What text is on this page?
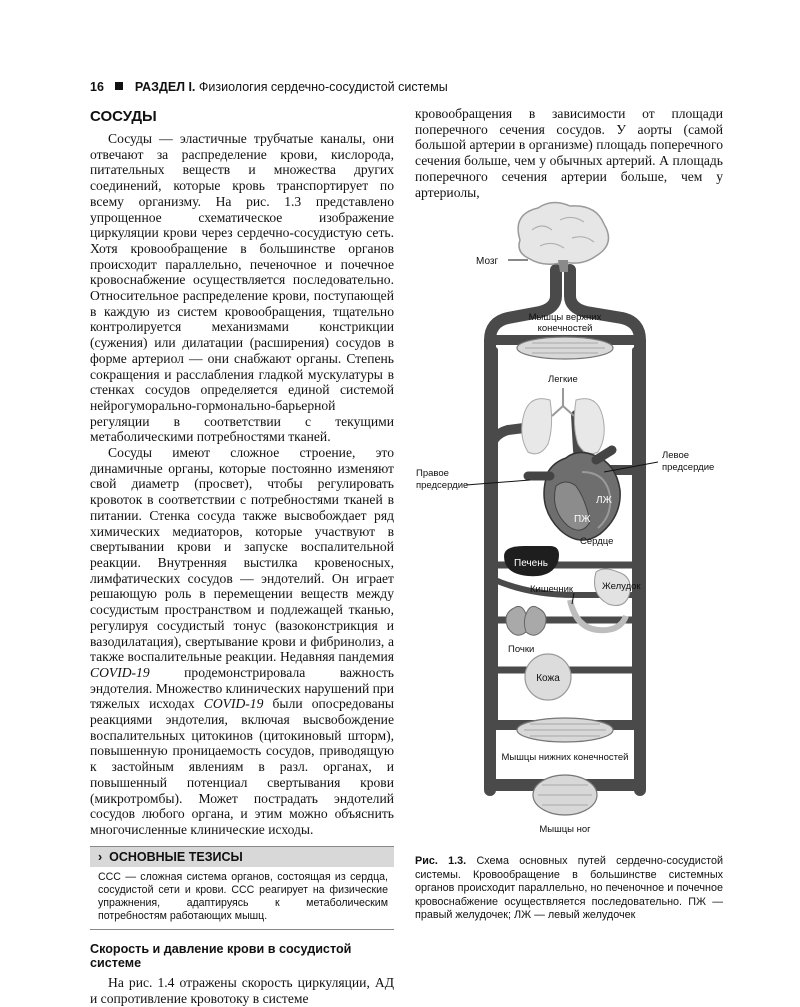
16 РАЗДЕЛ I. Физиология сердечно-сосудистой системы
СОСУДЫ

Сосуды — эластичные трубчатые каналы, они отвечают за распределение крови, кислорода, питательных веществ и множества других соединений, которые кровь транспортирует по всему организму. На рис. 1.3 представлено упрощенное схематическое изображение циркуляции крови через сердечно-сосудистую сеть. Хотя кровообращение в большинстве органов происходит параллельно, печеночное и почечное кровоснабжение осуществляется последовательно. Относительное распределение крови, поступающей в каждую из систем кровообращения, тщательно контролируется механизмами констрикции (сужения) или дилатации (расширения) сосудов в форме артериол — они снабжают органы. Степень сокращения и расслабления гладкой мускулатуры в стенках сосудов определяется единой системой нейрогуморально-гормонально-барьерной регуляции в соответствии с текущими метаболическими потребностями тканей.

Сосуды имеют сложное строение, это динамичные органы, которые постоянно изменяют свой диаметр (просвет), чтобы регулировать кровоток в соответствии с потребностями тканей в питании. Стенка сосуда также высвобождает ряд химических медиаторов, которые участвуют в свертывании крови и запуске воспалительной реакции. Внутренняя выстилка кровеносных, лимфатических сосудов — эндотелий. Он играет решающую роль в перемещении веществ между сосудистым пространством и подлежащей тканью, регулируя сосудистый тонус (вазоконстрикция и вазодилатация), свертывание крови и фибринолиз, а также воспалительные реакции. Недавняя пандемия COVID-19	продемонстрировала важность эндотелия. Множество клинических нарушений при тяжелых исходах COVID-19 были опосредованы реакциями эндотелия, включая высвобождение воспалительных цитокинов (цитокиновый шторм), повышенную проницаемость сосудов, приводящую к застойным явлениям в разл. органах, и повышенный потенциал свертывания крови (микротромбы). Может пострадать эндотелий сосудов любого органа, и этим можно объяснить многочисленные клинические исходы.

› ОСНОВНЫЕ ТЕЗИСЫ
ССС — сложная система органов, состоящая из сердца, сосудистой сети и крови. ССС реагирует на физические упражнения, адаптируясь к метаболическим потребностям работающих мышц.
Скорость и давление крови в сосудистой системе

На рис. 1.4 отражены скорость циркуляции, АД и сопротивление кровотоку в системе

кровообращения в зависимости от площади поперечного сечения сосудов. У аорты (самой большой артерии в организме) площадь поперечного сечения больше, чем у обычных артерий. А площадь поперечного сечения артерии больше, чем у артериолы,

Мозг
Мышцы верхних
конечностей
Легкие
ПЖ
ЛЖ
Сердце
Правое
предсердие
Левое
предсердие
Печень
Желудок
Кишечник
Почки
Кожа
Мышцы нижних конечностей
Мышцы ног
Рис. 1.3. Схема основных путей сердечно-сосудистой системы. Кровообращение в большинстве системных органов происходит параллельно, но печеночное и почечное кровоснабжение осуществляется последовательно. ПЖ — правый желудочек; ЛЖ — левый желудочек
